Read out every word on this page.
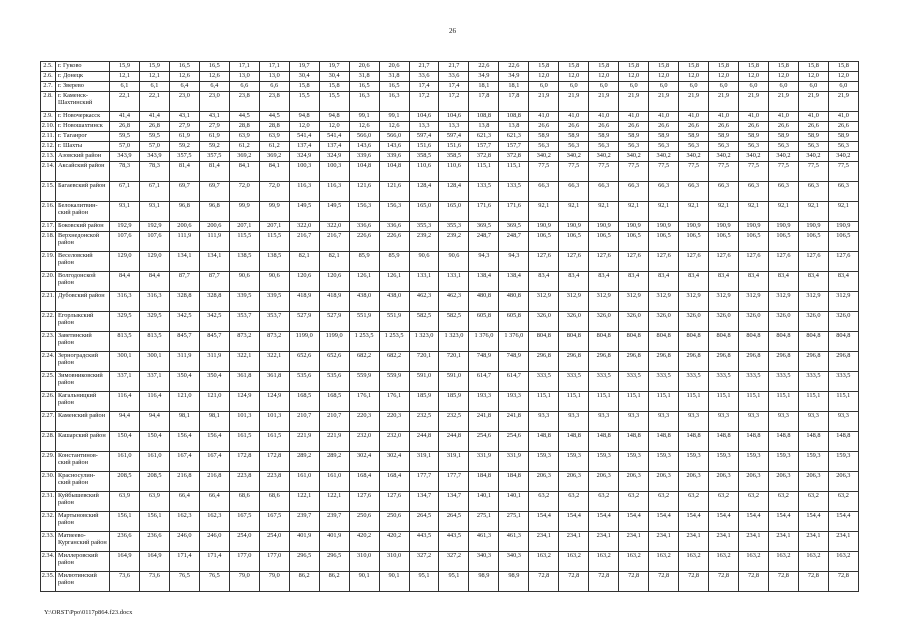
26
2.5.	г. Гуково	15,9	15,9	16,5	16,5	17,1	17,1	19,7	19,7	20,6	20,6	21,7	21,7	22,6	22,6	15,8	15,8	15,8	15,8	15,8	15,8	15,8	15,8	15,8	15,8	15,8
2.6.	г. Донецк	12,1	12,1	12,6	12,6	13,0	13,0	30,4	30,4	31,8	31,8	33,6	33,6	34,9	34,9	12,0	12,0	12,0	12,0	12,0	12,0	12,0	12,0	12,0	12,0	12,0
2.7.	г. Зверево	6,1	6,1	6,4	6,4	6,6	6,6	15,8	15,8	16,5	16,5	17,4	17,4	18,1	18,1	6,0	6,0	6,0	6,0	6,0	6,0	6,0	6,0	6,0	6,0	6,0
2.8.	г. Каменск-Шахтинский	22,1	22,1	23,0	23,0	23,8	23,8	15,5	15,5	16,3	16,3	17,2	17,2	17,8	17,8	21,9	21,9	21,9	21,9	21,9	21,9	21,9	21,9	21,9	21,9	21,9
2.9.	г. Новочеркасск	41,4	41,4	43,1	43,1	44,5	44,5	94,8	94,8	99,1	99,1	104,6	104,6	108,8	108,8	41,0	41,0	41,0	41,0	41,0	41,0	41,0	41,0	41,0	41,0	41,0
2.10.	г. Новошахтинск	26,8	26,8	27,9	27,9	28,8	28,8	12,0	12,0	12,6	12,6	13,3	13,3	13,8	13,8	26,6	26,6	26,6	26,6	26,6	26,6	26,6	26,6	26,6	26,6	26,6
2.11.	г. Таганрог	59,5	59,5	61,9	61,9	63,9	63,9	541,4	541,4	566,0	566,0	597,4	597,4	621,3	621,3	58,9	58,9	58,9	58,9	58,9	58,9	58,9	58,9	58,9	58,9	58,9
2.12.	г. Шахты	57,0	57,0	59,2	59,2	61,2	61,2	137,4	137,4	143,6	143,6	151,6	151,6	157,7	157,7	56,3	56,3	56,3	56,3	56,3	56,3	56,3	56,3	56,3	56,3	56,3
2.13.	Азовский район	343,9	343,9	357,5	357,5	369,2	369,2	324,9	324,9	339,6	339,6	358,5	358,5	372,8	372,8	340,2	340,2	340,2	340,2	340,2	340,2	340,2	340,2	340,2	340,2	340,2
2.14.	Аксайский район	78,3	78,3	81,4	81,4	84,1	84,1	100,3	100,3	104,8	104,8	110,6	110,6	115,1	115,1	77,5	77,5	77,5	77,5	77,5	77,5	77,5	77,5	77,5	77,5	77,5
2.15.	Багаевский район	67,1	67,1	69,7	69,7	72,0	72,0	116,3	116,3	121,6	121,6	128,4	128,4	133,5	133,5	66,3	66,3	66,3	66,3	66,3	66,3	66,3	66,3	66,3	66,3	66,3
2.16.	Белокалитвин-ский район	93,1	93,1	96,8	96,8	99,9	99,9	149,5	149,5	156,3	156,3	165,0	165,0	171,6	171,6	92,1	92,1	92,1	92,1	92,1	92,1	92,1	92,1	92,1	92,1	92,1
2.17.	Боковский район	192,9	192,9	200,6	200,6	207,1	207,1	322,0	322,0	336,6	336,6	355,3	355,3	369,5	369,5	190,9	190,9	190,9	190,9	190,9	190,9	190,9	190,9	190,9	190,9	190,9
2.18.	Верхнедонской район	107,6	107,6	111,9	111,9	115,5	115,5	216,7	216,7	226,6	226,6	239,2	239,2	248,7	248,7	106,5	106,5	106,5	106,5	106,5	106,5	106,5	106,5	106,5	106,5	106,5
2.19.	Веселовский район	129,0	129,0	134,1	134,1	138,5	138,5	82,1	82,1	85,9	85,9	90,6	90,6	94,3	94,3	127,6	127,6	127,6	127,6	127,6	127,6	127,6	127,6	127,6	127,6	127,6
2.20.	Волгодонской район	84,4	84,4	87,7	87,7	90,6	90,6	120,6	120,6	126,1	126,1	133,1	133,1	138,4	138,4	83,4	83,4	83,4	83,4	83,4	83,4	83,4	83,4	83,4	83,4	83,4
2.21.	Дубовский район	316,3	316,3	328,8	328,8	339,5	339,5	418,9	418,9	438,0	438,0	462,3	462,3	480,8	480,8	312,9	312,9	312,9	312,9	312,9	312,9	312,9	312,9	312,9	312,9	312,9
2.22.	Егорлыкский район	329,5	329,5	342,5	342,5	353,7	353,7	527,9	527,9	551,9	551,9	582,5	582,5	605,8	605,8	326,0	326,0	326,0	326,0	326,0	326,0	326,0	326,0	326,0	326,0	326,0
2.23.	Заветинский район	813,5	813,5	845,7	845,7	873,2	873,2	1199,0	1199,0	1 253,5	1 253,5	1 323,0	1 323,0	1 376,0	1 376,0	804,8	804,8	804,8	804,8	804,8	804,8	804,8	804,8	804,8	804,8	804,8
2.24.	Зерноградский район	300,1	300,1	311,9	311,9	322,1	322,1	652,6	652,6	682,2	682,2	720,1	720,1	748,9	748,9	296,8	296,8	296,8	296,8	296,8	296,8	296,8	296,8	296,8	296,8	296,8
2.25.	Зимовниковский район	337,1	337,1	350,4	350,4	361,8	361,8	535,6	535,6	559,9	559,9	591,0	591,0	614,7	614,7	333,5	333,5	333,5	333,5	333,5	333,5	333,5	333,5	333,5	333,5	333,5
2.26.	Кагальницкий район	116,4	116,4	121,0	121,0	124,9	124,9	168,5	168,5	176,1	176,1	185,9	185,9	193,3	193,3	115,1	115,1	115,1	115,1	115,1	115,1	115,1	115,1	115,1	115,1	115,1
2.27.	Каменский район	94,4	94,4	98,1	98,1	101,3	101,3	210,7	210,7	220,3	220,3	232,5	232,5	241,8	241,8	93,3	93,3	93,3	93,3	93,3	93,3	93,3	93,3	93,3	93,3	93,3
2.28.	Кашарский район	150,4	150,4	156,4	156,4	161,5	161,5	221,9	221,9	232,0	232,0	244,8	244,8	254,6	254,6	148,8	148,8	148,8	148,8	148,8	148,8	148,8	148,8	148,8	148,8	148,8
2.29.	Константинов-ский район	161,0	161,0	167,4	167,4	172,8	172,8	289,2	289,2	302,4	302,4	319,1	319,1	331,9	331,9	159,3	159,3	159,3	159,3	159,3	159,3	159,3	159,3	159,3	159,3	159,3
2.30.	Красносулин-ский район	208,5	208,5	216,8	216,8	223,8	223,8	161,0	161,0	168,4	168,4	177,7	177,7	184,8	184,8	206,3	206,3	206,3	206,3	206,3	206,3	206,3	206,3	206,3	206,3	206,3
2.31.	Куйбышевский район	63,9	63,9	66,4	66,4	68,6	68,6	122,1	122,1	127,6	127,6	134,7	134,7	140,1	140,1	63,2	63,2	63,2	63,2	63,2	63,2	63,2	63,2	63,2	63,2	63,2
2.32.	Мартыновский район	156,1	156,1	162,3	162,3	167,5	167,5	239,7	239,7	250,6	250,6	264,5	264,5	275,1	275,1	154,4	154,4	154,4	154,4	154,4	154,4	154,4	154,4	154,4	154,4	154,4
2.33.	Матвеево-Курганский район	236,6	236,6	246,0	246,0	254,0	254,0	401,9	401,9	420,2	420,2	443,5	443,5	461,3	461,3	234,1	234,1	234,1	234,1	234,1	234,1	234,1	234,1	234,1	234,1	234,1
2.34.	Миллеровский район	164,9	164,9	171,4	171,4	177,0	177,0	296,5	296,5	310,0	310,0	327,2	327,2	340,3	340,3	163,2	163,2	163,2	163,2	163,2	163,2	163,2	163,2	163,2	163,2	163,2
2.35.	Милютинский район	73,6	73,6	76,5	76,5	79,0	79,0	86,2	86,2	90,1	90,1	95,1	95,1	98,9	98,9	72,8	72,8	72,8	72,8	72,8	72,8	72,8	72,8	72,8	72,8	72,8
Y:\ORST\Ppo\0117p864.f23.docx
